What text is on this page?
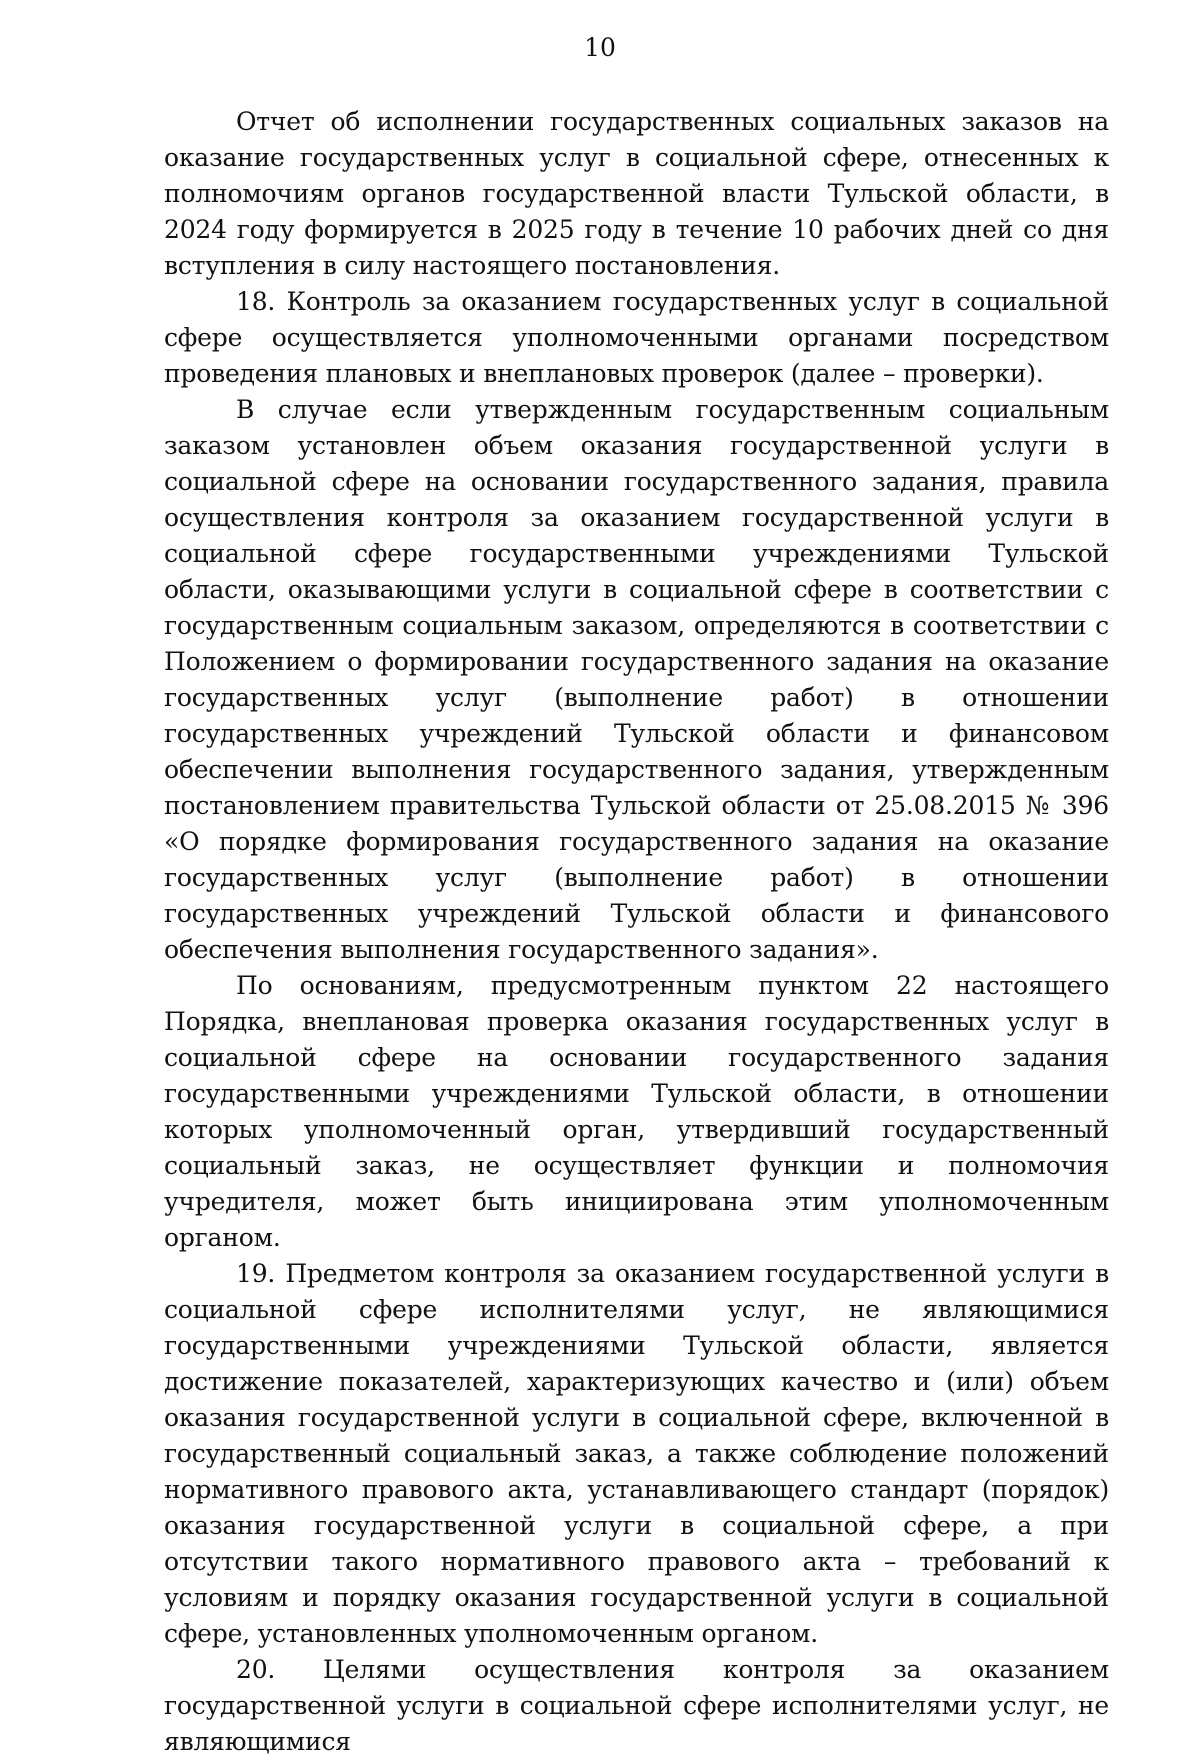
10

Отчет об исполнении государственных социальных заказов на оказание государственных услуг в социальной сфере, отнесенных к полномочиям органов государственной власти Тульской области, в 2024 году формируется в 2025 году в течение 10 рабочих дней со дня вступления в силу настоящего постановления.

18. Контроль за оказанием государственных услуг в социальной сфере осуществляется уполномоченными органами посредством проведения плановых и внеплановых проверок (далее – проверки).

В случае если утвержденным государственным социальным заказом установлен объем оказания государственной услуги в социальной сфере на основании государственного задания, правила осуществления контроля за оказанием государственной услуги в социальной сфере государственными учреждениями Тульской области, оказывающими услуги в социальной сфере в соответствии с государственным социальным заказом, определяются в соответствии с Положением о формировании государственного задания на оказание государственных услуг (выполнение работ) в отношении государственных учреждений Тульской области и финансовом обеспечении выполнения государственного задания, утвержденным постановлением правительства Тульской области от 25.08.2015 № 396 «О порядке формирования государственного задания на оказание государственных услуг (выполнение работ) в отношении государственных учреждений Тульской области и финансового обеспечения выполнения государственного задания».

По основаниям, предусмотренным пунктом 22 настоящего Порядка, внеплановая проверка оказания государственных услуг в социальной сфере на основании государственного задания государственными учреждениями Тульской области, в отношении которых уполномоченный орган, утвердивший государственный социальный заказ, не осуществляет функции и полномочия учредителя, может быть инициирована этим уполномоченным органом.

19. Предметом контроля за оказанием государственной услуги в социальной сфере исполнителями услуг, не являющимися государственными учреждениями Тульской области, является достижение показателей, характеризующих качество и (или) объем оказания государственной услуги в социальной сфере, включенной в государственный социальный заказ, а также соблюдение положений нормативного правового акта, устанавливающего стандарт (порядок) оказания государственной услуги в социальной сфере, а при отсутствии такого нормативного правового акта – требований к условиям и порядку оказания государственной услуги в социальной сфере, установленных уполномоченным органом.

20. Целями осуществления контроля за оказанием государственной услуги в социальной сфере исполнителями услуг, не являющимися
